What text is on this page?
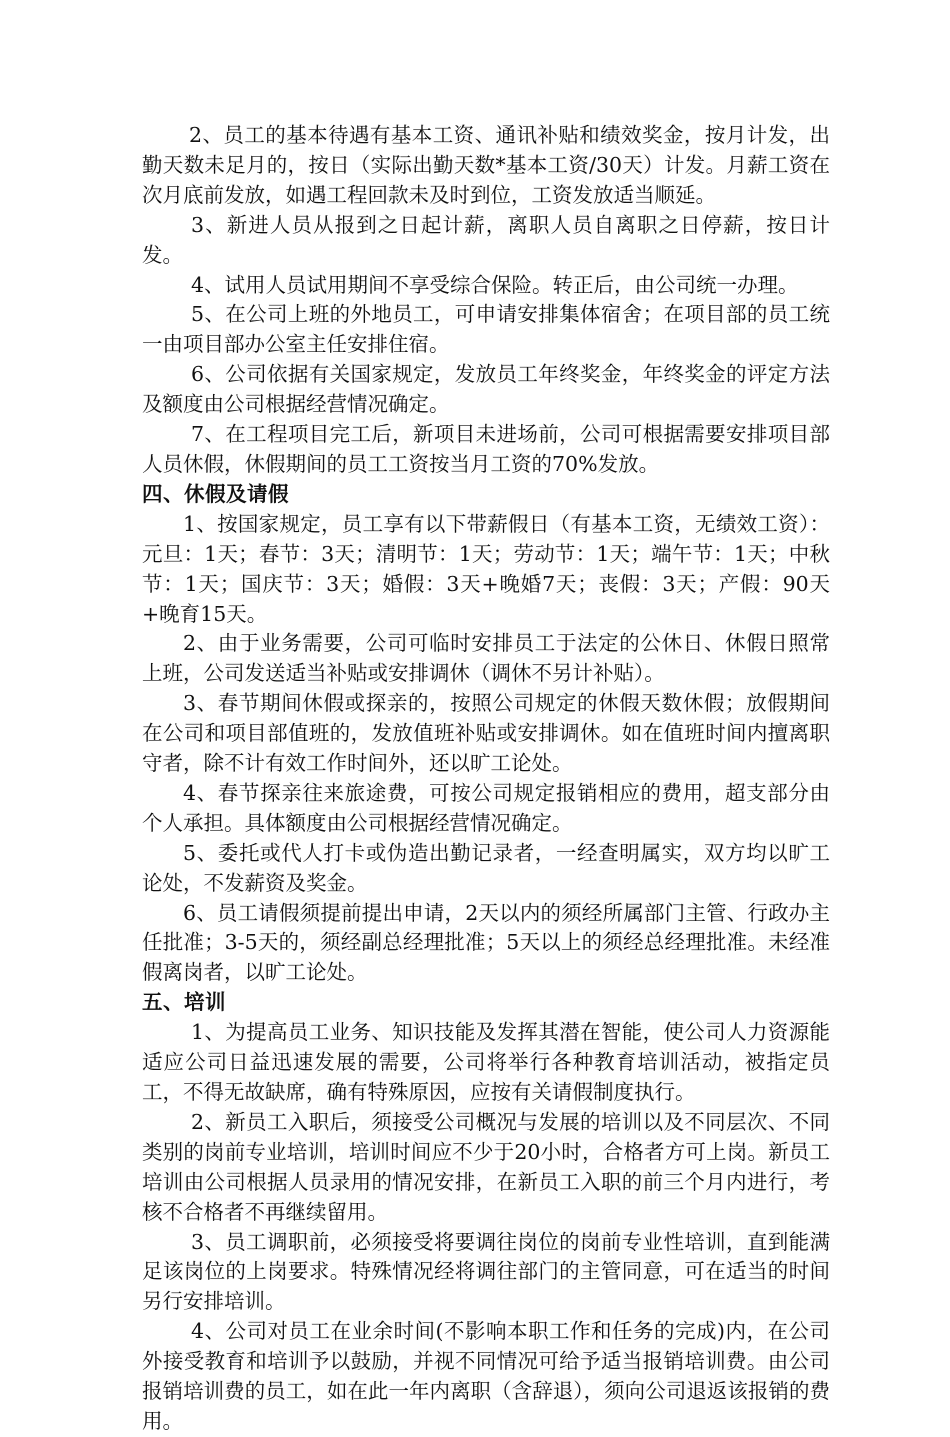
2、员工的基本待遇有基本工资、通讯补贴和绩效奖金，按月计发，出勤天数未足月的，按日（实际出勤天数*基本工资/30天）计发。月薪工资在次月底前发放，如遇工程回款未及时到位，工资发放适当顺延。

3、新进人员从报到之日起计薪，离职人员自离职之日停薪，按日计发。

4、试用人员试用期间不享受综合保险。转正后，由公司统一办理。

5、在公司上班的外地员工，可申请安排集体宿舍；在项目部的员工统一由项目部办公室主任安排住宿。

6、公司依据有关国家规定，发放员工年终奖金，年终奖金的评定方法及额度由公司根据经营情况确定。

7、在工程项目完工后，新项目未进场前，公司可根据需要安排项目部人员休假，休假期间的员工工资按当月工资的70%发放。

四、休假及请假

1、按国家规定，员工享有以下带薪假日（有基本工资，无绩效工资）：元旦：1天；春节：3天；清明节：1天；劳动节：1天；端午节：1天；中秋节：1天；国庆节：3天；婚假：3天+晚婚7天；丧假：3天；产假：90天+晚育15天。

2、由于业务需要，公司可临时安排员工于法定的公休日、休假日照常上班，公司发送适当补贴或安排调休（调休不另计补贴）。

3、春节期间休假或探亲的，按照公司规定的休假天数休假；放假期间在公司和项目部值班的，发放值班补贴或安排调休。如在值班时间内擅离职守者，除不计有效工作时间外，还以旷工论处。

4、春节探亲往来旅途费，可按公司规定报销相应的费用，超支部分由个人承担。具体额度由公司根据经营情况确定。

5、委托或代人打卡或伪造出勤记录者，一经查明属实，双方均以旷工论处，不发薪资及奖金。

6、员工请假须提前提出申请，2天以内的须经所属部门主管、行政办主任批准；3-5天的，须经副总经理批准；5天以上的须经总经理批准。未经准假离岗者，以旷工论处。

五、培训

1、为提高员工业务、知识技能及发挥其潜在智能，使公司人力资源能适应公司日益迅速发展的需要，公司将举行各种教育培训活动，被指定员工，不得无故缺席，确有特殊原因，应按有关请假制度执行。

2、新员工入职后，须接受公司概况与发展的培训以及不同层次、不同类别的岗前专业培训，培训时间应不少于20小时，合格者方可上岗。新员工培训由公司根据人员录用的情况安排，在新员工入职的前三个月内进行，考核不合格者不再继续留用。

3、员工调职前，必须接受将要调往岗位的岗前专业性培训，直到能满足该岗位的上岗要求。特殊情况经将调往部门的主管同意，可在适当的时间另行安排培训。

4、公司对员工在业余时间(不影响本职工作和任务的完成)内，在公司外接受教育和培训予以鼓励，并视不同情况可给予适当报销培训费。由公司报销培训费的员工，如在此一年内离职（含辞退），须向公司退返该报销的费用。
